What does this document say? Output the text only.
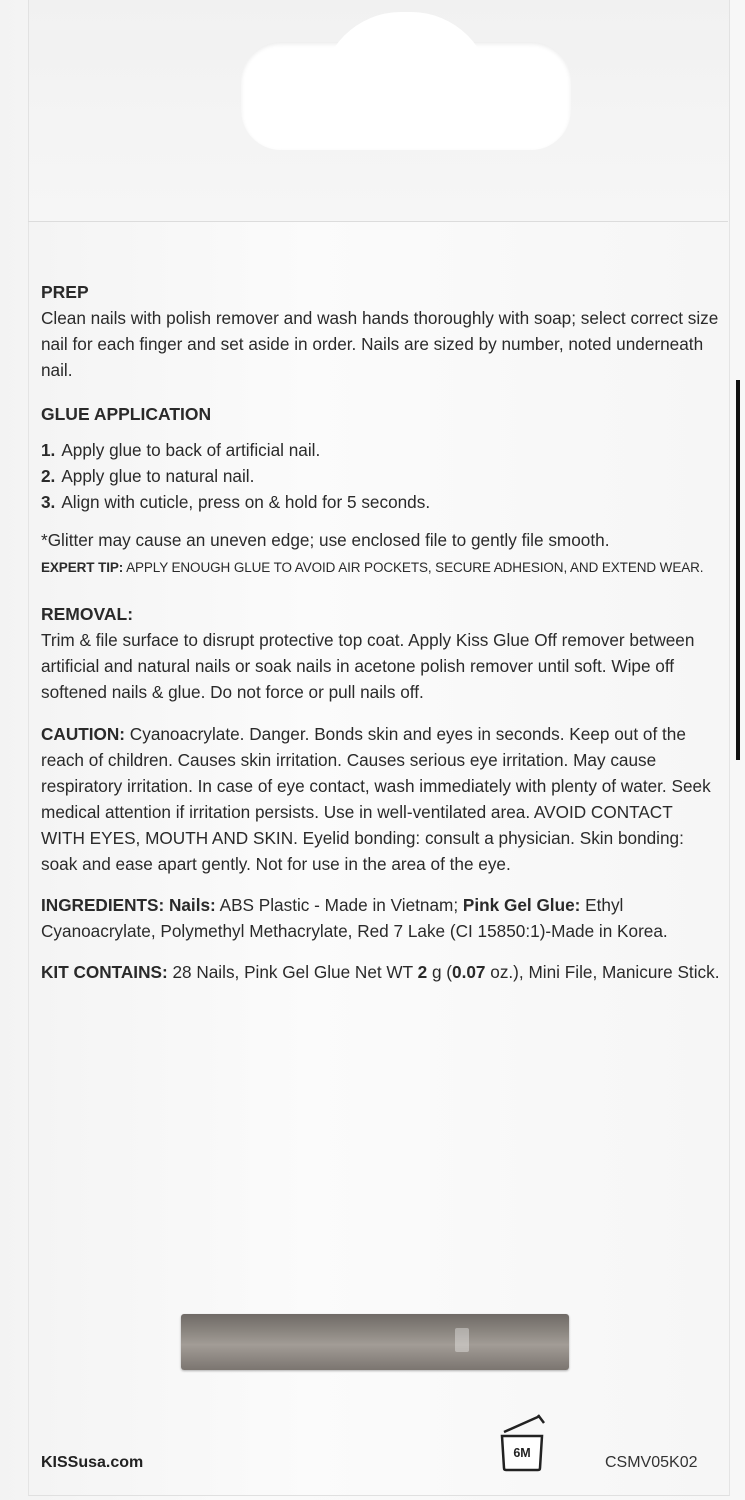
PREP

Clean nails with polish remover and wash hands thoroughly with soap; select correct size nail for each finger and set aside in order. Nails are sized by number, noted underneath nail.

GLUE APPLICATION

1. Apply glue to back of artificial nail.
2. Apply glue to natural nail.
3. Align with cuticle, press on & hold for 5 seconds.

*Glitter may cause an uneven edge; use enclosed file to gently file smooth.

EXPERT TIP: APPLY ENOUGH GLUE TO AVOID AIR POCKETS, SECURE ADHESION, AND EXTEND WEAR.

REMOVAL:

Trim & file surface to disrupt protective top coat. Apply Kiss Glue Off remover between artificial and natural nails or soak nails in acetone polish remover until soft. Wipe off softened nails & glue. Do not force or pull nails off.

CAUTION: Cyanoacrylate. Danger. Bonds skin and eyes in seconds. Keep out of the reach of children. Causes skin irritation. Causes serious eye irritation. May cause respiratory irritation. In case of eye contact, wash immediately with plenty of water. Seek medical attention if irritation persists. Use in well-ventilated area. AVOID CONTACT WITH EYES, MOUTH AND SKIN. Eyelid bonding: consult a physician. Skin bonding: soak and ease apart gently. Not for use in the area of the eye.

INGREDIENTS: Nails: ABS Plastic - Made in Vietnam; Pink Gel Glue: Ethyl Cyanoacrylate, Polymethyl Methacrylate, Red 7 Lake (CI 15850:1)-Made in Korea.

KIT CONTAINS: 28 Nails, Pink Gel Glue Net WT 2 g (0.07 oz.), Mini File, Manicure Stick.

KISSusa.com
6M
CSMV05K02
